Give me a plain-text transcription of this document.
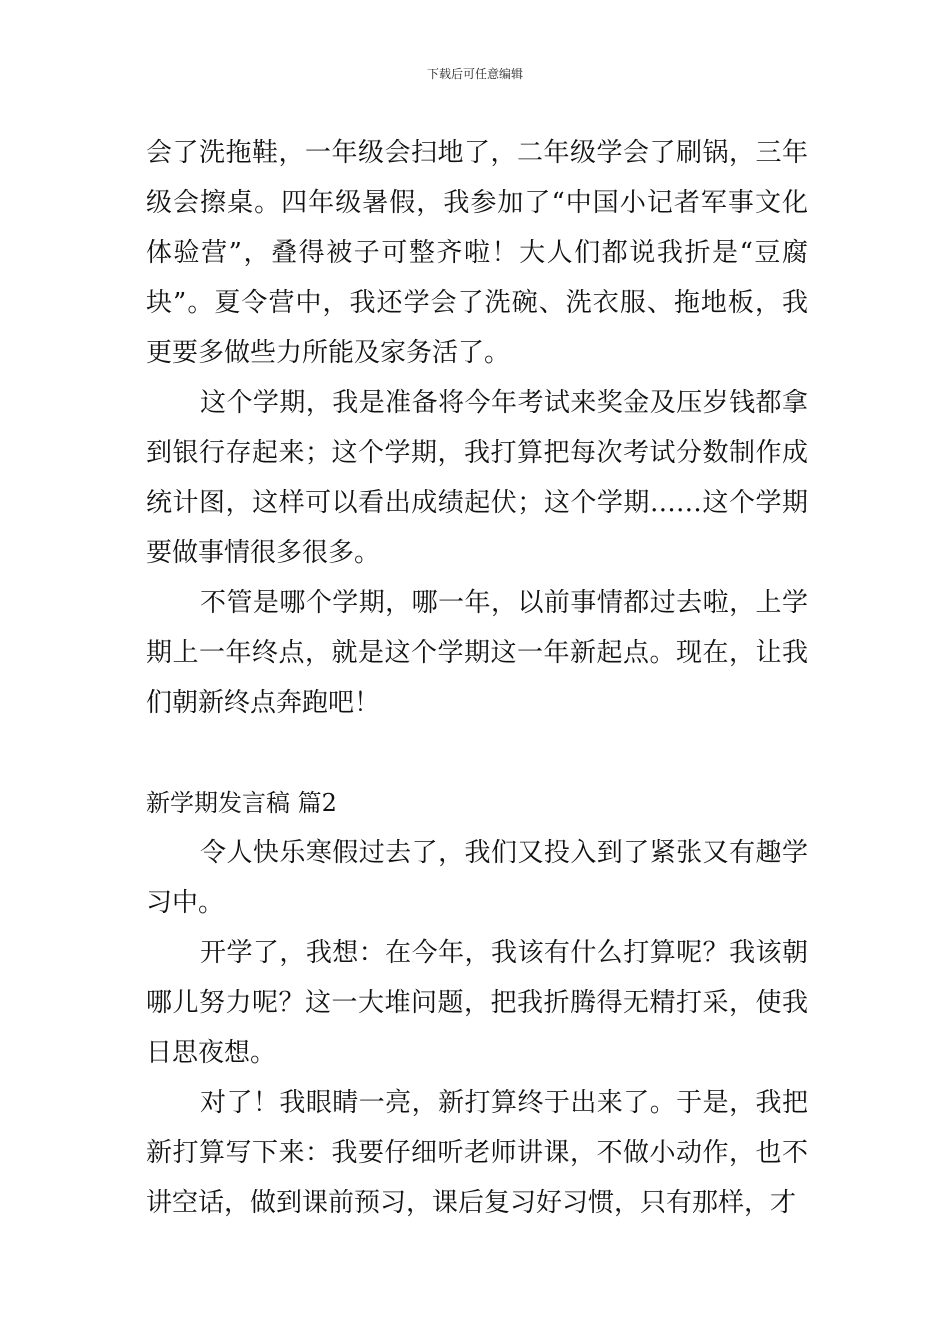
下载后可任意编辑

会了洗拖鞋，一年级会扫地了，二年级学会了刷锅，三年级会擦桌。四年级暑假，我参加了“中国小记者军事文化体验营”，叠得被子可整齐啦！大人们都说我折是“豆腐块”。夏令营中，我还学会了洗碗、洗衣服、拖地板，我更要多做些力所能及家务活了。

这个学期，我是准备将今年考试来奖金及压岁钱都拿到银行存起来；这个学期，我打算把每次考试分数制作成统计图，这样可以看出成绩起伏；这个学期……这个学期要做事情很多很多。

不管是哪个学期，哪一年，以前事情都过去啦，上学期上一年终点，就是这个学期这一年新起点。现在，让我们朝新终点奔跑吧！

新学期发言稿 篇2

令人快乐寒假过去了，我们又投入到了紧张又有趣学习中。

开学了，我想：在今年，我该有什么打算呢？我该朝哪儿努力呢？这一大堆问题，把我折腾得无精打采，使我日思夜想。

对了！我眼睛一亮，新打算终于出来了。于是，我把新打算写下来：我要仔细听老师讲课，不做小动作，也不讲空话，做到课前预习，课后复习好习惯，只有那样，才
